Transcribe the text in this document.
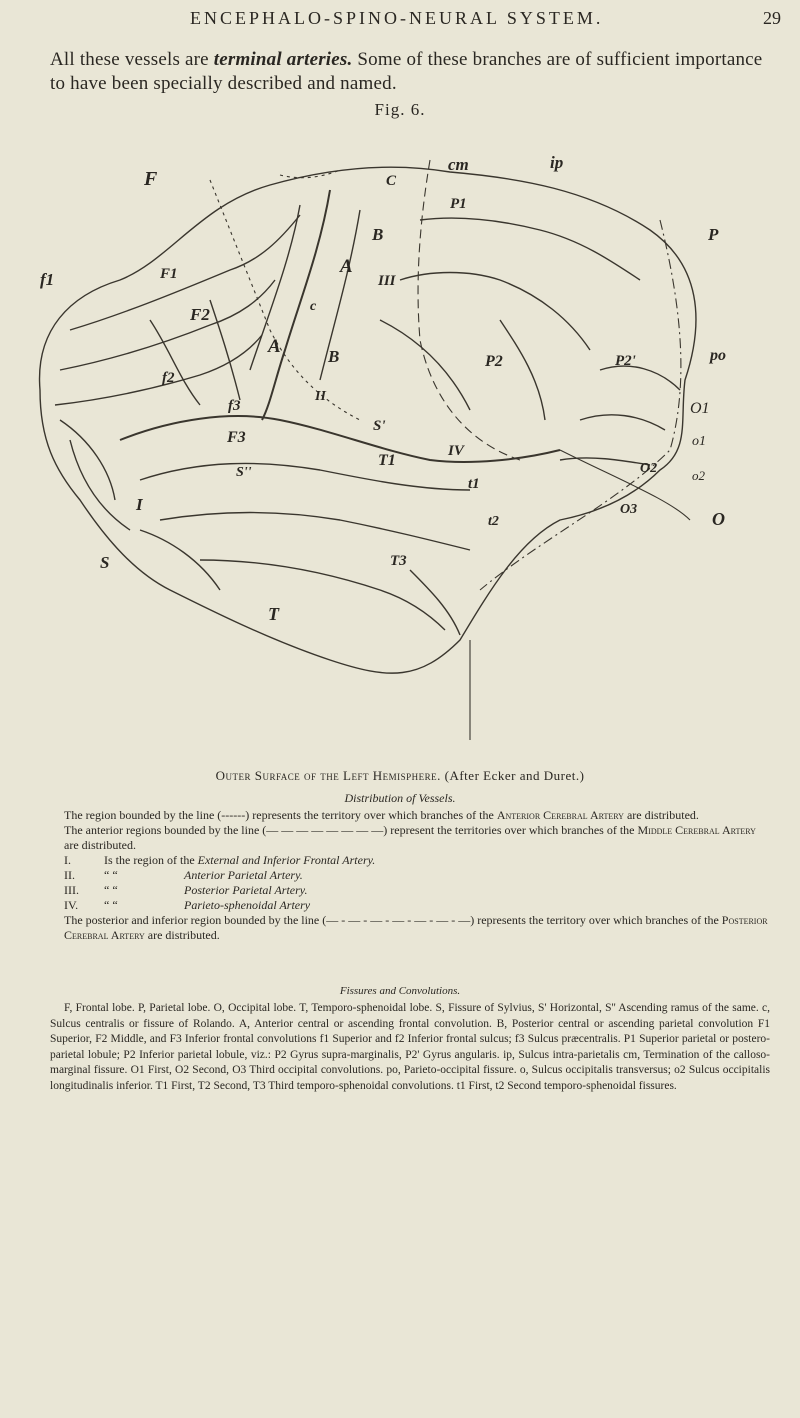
ENCEPHALO-SPINO-NEURAL SYSTEM.	29
All these vessels are terminal arteries. Some of these branches are of sufficient importance to have been specially described and named.
Fig. 6.
F	C
cm	ip
P
A
B
III
P1
f1	F1
F2	c
A	B	P2	P2'	po
f2
f3
II
S'
O1
o1
F3
S''
T1
IV
t1
O2	o2
I
t2
O3	O
T3
S
T
Outer Surface of the Left Hemisphere. (After Ecker and Duret.)
Distribution of Vessels.

The region bounded by the line (------) represents the territory over which branches of the Anterior Cerebral Artery are distributed.

The anterior regions bounded by the line (— — — — — — — —) represent the territories over which branches of the Middle Cerebral Artery are distributed.

I.	Is the region of the External and Inferior Frontal Artery.

II. “ “	Anterior Parietal Artery.

III. “ “	Posterior Parietal Artery.

IV. “ “	Parieto-sphenoidal Artery

The posterior and inferior region bounded by the line (— - — - — - — - — - — - —) represents the territory over which branches of the Posterior Cerebral Artery are distributed.

Fissures and Convolutions.
F, Frontal lobe. P, Parietal lobe. O, Occipital lobe. T, Temporo-sphenoidal lobe. S, Fissure of Sylvius, S' Horizontal, S'' Ascending ramus of the same. c, Sulcus centralis or fissure of Rolando. A, Anterior central or ascending frontal convolution. B, Posterior central or ascending parietal convolution F1 Superior, F2 Middle, and F3 Inferior frontal convolutions f1 Superior and f2 Inferior frontal sulcus; f3 Sulcus præcentralis. P1 Superior parietal or postero-parietal lobule; P2 Inferior parietal lobule, viz.: P2 Gyrus supra-marginalis, P2' Gyrus angularis. ip, Sulcus intra-parietalis cm, Termination of the calloso-marginal fissure. O1 First, O2 Second, O3 Third occipital convolutions. po, Parieto-occipital fissure. o, Sulcus occipitalis transversus; o2 Sulcus occipitalis longitudinalis inferior. T1 First, T2 Second, T3 Third temporo-sphenoidal convolutions. t1 First, t2 Second temporo-sphenoidal fissures.
